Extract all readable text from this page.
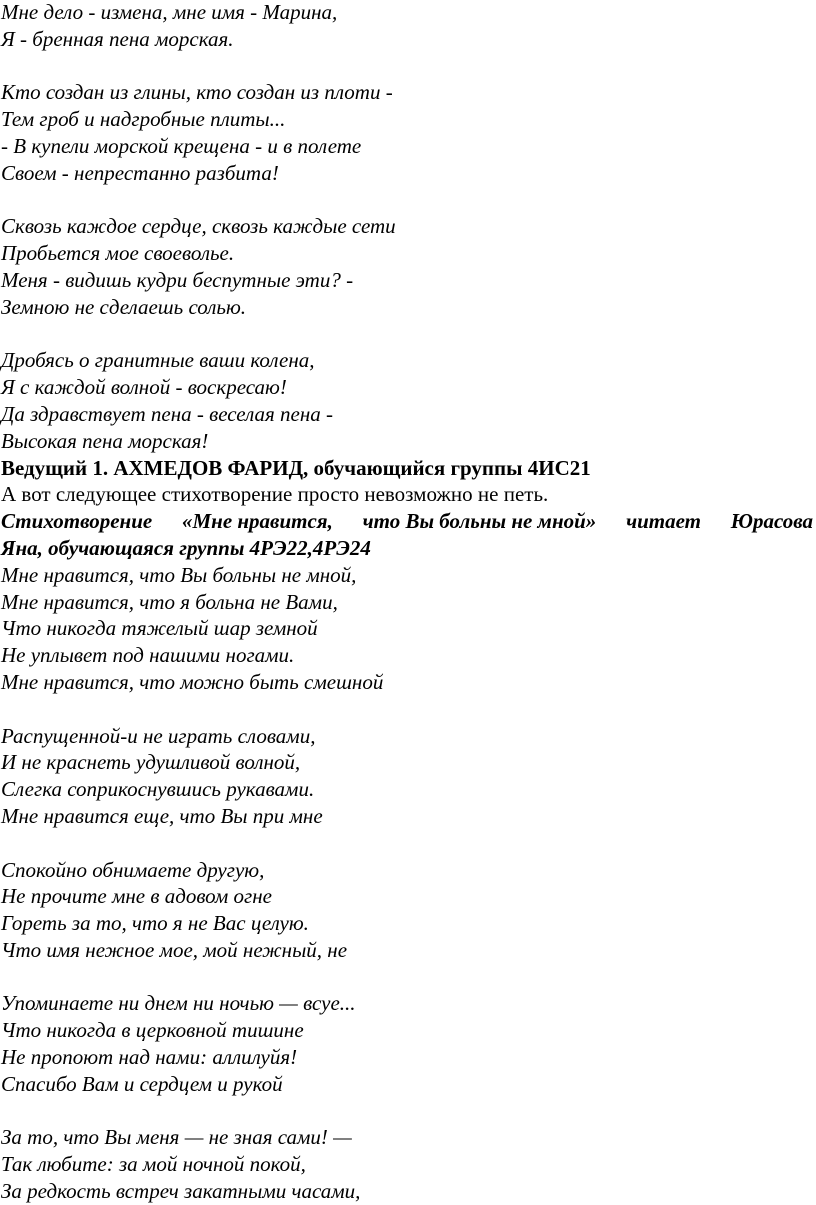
Мне дело - измена, мне имя - Марина,
Я - бренная пена морская.
Кто создан из глины, кто создан из плоти -
Тем гроб и надгробные плиты...
- В купели морской крещена - и в полете
Своем - непрестанно разбита!
Сквозь каждое сердце, сквозь каждые сети
Пробьется мое своеволье.
Меня - видишь кудри беспутные эти? -
Земною не сделаешь солью.
Дробясь о гранитные ваши колена,
Я с каждой волной - воскресаю!
Да здравствует пена - веселая пена -
Высокая пена морская!
Ведущий 1. АХМЕДОВ ФАРИД, обучающийся группы 4ИС21
А вот следующее стихотворение просто невозможно не петь.
Стихотворение «Мне нравится, что Вы больны не мной» читает Юрасова
Яна, обучающаяся группы 4РЭ22,4РЭ24
Мне нравится, что Вы больны не мной,
Мне нравится, что я больна не Вами,
Что никогда тяжелый шар земной
Не уплывет под нашими ногами.
Мне нравится, что можно быть смешной
Распущенной-и не играть словами,
И не краснеть удушливой волной,
Слегка соприкоснувшись рукавами.
Мне нравится еще, что Вы при мне
Спокойно обнимаете другую,
Не прочите мне в адовом огне
Гореть за то, что я не Вас целую.
Что имя нежное мое, мой нежный, не
Упоминаете ни днем ни ночью — всуе...
Что никогда в церковной тишине
Не пропоют над нами: аллилуйя!
Спасибо Вам и сердцем и рукой
За то, что Вы меня — не зная сами! —
Так любите: за мой ночной покой,
За редкость встреч закатными часами,
